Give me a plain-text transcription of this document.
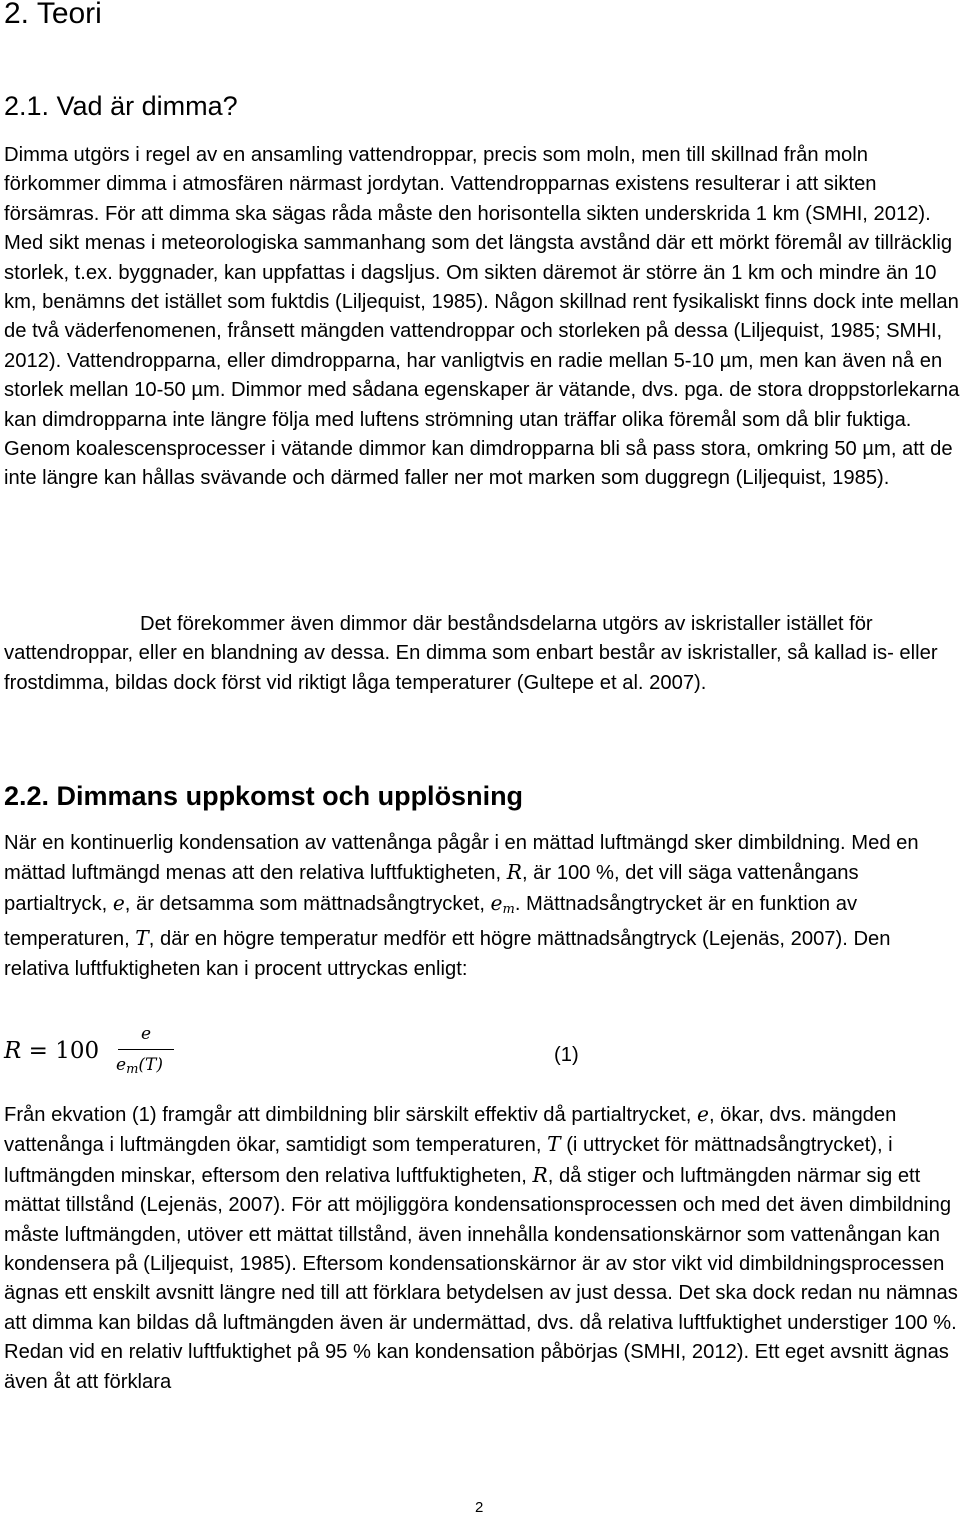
2. Teori
2.1. Vad är dimma?

Dimma utgörs i regel av en ansamling vattendroppar, precis som moln, men till skillnad från moln förkommer dimma i atmosfären närmast jordytan. Vattendropparnas existens resulterar i att sikten försämras. För att dimma ska sägas råda måste den horisontella sikten underskrida 1 km (SMHI, 2012). Med sikt menas i meteorologiska sammanhang som det längsta avstånd där ett mörkt föremål av tillräcklig storlek, t.ex. byggnader, kan uppfattas i dagsljus. Om sikten däremot är större än 1 km och mindre än 10 km, benämns det istället som fuktdis (Liljequist, 1985). Någon skillnad rent fysikaliskt finns dock inte mellan de två väderfenomenen, frånsett mängden vattendroppar och storleken på dessa (Liljequist, 1985; SMHI, 2012). Vattendropparna, eller dimdropparna, har vanligtvis en radie mellan 5-10 µm, men kan även nå en storlek mellan 10-50 µm. Dimmor med sådana egenskaper är vätande, dvs. pga. de stora droppstorlekarna kan dimdropparna inte längre följa med luftens strömning utan träffar olika föremål som då blir fuktiga. Genom koalescensprocesser i vätande dimmor kan dimdropparna bli så pass stora, omkring 50 µm, att de inte längre kan hållas svävande och därmed faller ner mot marken som duggregn (Liljequist, 1985).

Det förekommer även dimmor där beståndsdelarna utgörs av iskristaller istället för vattendroppar, eller en blandning av dessa. En dimma som enbart består av iskristaller, så kallad is- eller frostdimma, bildas dock först vid riktigt låga temperaturer (Gultepe et al. 2007).

2.2. Dimmans uppkomst och upplösning

När en kontinuerlig kondensation av vattenånga pågår i en mättad luftmängd sker dimbildning. Med en mättad luftmängd menas att den relativa luftfuktigheten, R, är 100 %, det vill säga vattenångans partialtryck, e, är detsamma som mättnadsångtrycket, $e_m$. Mättnadsångtrycket är en funktion av temperaturen, T, där en högre temperatur medför ett högre mättnadsångtryck (Lejenäs, 2007). Den relativa luftfuktigheten kan i procent uttryckas enligt:

R = 100
e
$e_m(T)$	(1)

Från ekvation (1) framgår att dimbildning blir särskilt effektiv då partialtrycket, e, ökar, dvs. mängden vattenånga i luftmängden ökar, samtidigt som temperaturen, T (i uttrycket för mättnadsångtrycket), i luftmängden minskar, eftersom den relativa luftfuktigheten, R, då stiger och luftmängden närmar sig ett mättat tillstånd (Lejenäs, 2007). För att möjliggöra kondensationsprocessen och med det även dimbildning måste luftmängden, utöver ett mättat tillstånd, även innehålla kondensationskärnor som vattenångan kan kondensera på (Liljequist, 1985). Eftersom kondensationskärnor är av stor vikt vid dimbildningsprocessen ägnas ett enskilt avsnitt längre ned till att förklara betydelsen av just dessa. Det ska dock redan nu nämnas att dimma kan bildas då luftmängden även är undermättad, dvs. då relativa luftfuktighet understiger 100 %. Redan vid en relativ luftfuktighet på 95 % kan kondensation påbörjas (SMHI, 2012). Ett eget avsnitt ägnas även åt att förklara

2
